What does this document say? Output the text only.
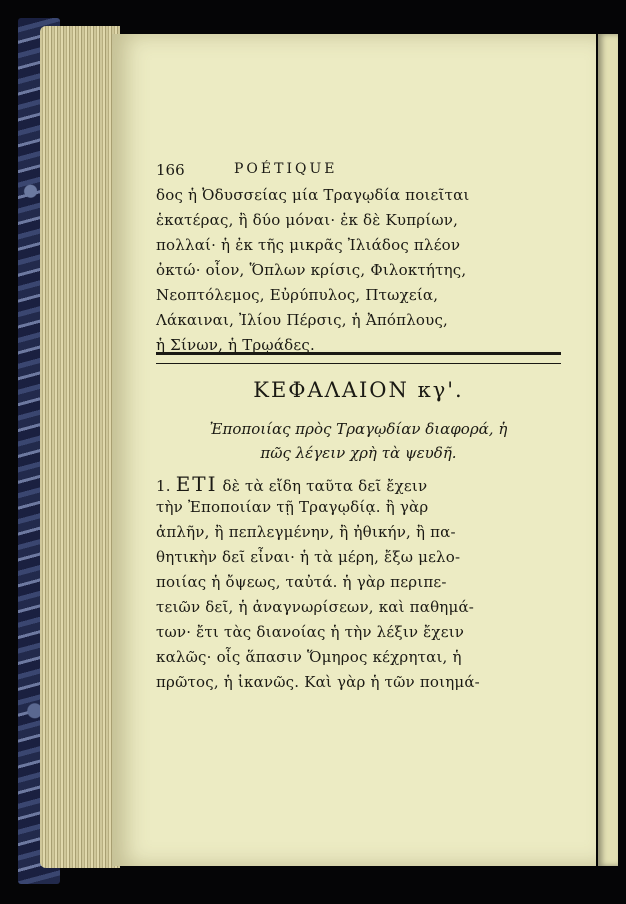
166	POÉTIQUE
δος ἡ Ὀδυσσείας μία Τραγῳδία ποιεῖται
ἑκατέρας, ἢ δύο μόναι· ἐκ δὲ Κυπρίων,
πολλαί· ἡ ἐκ τῆς μικρᾶς Ἰλιάδος πλέον
ὀκτώ· οἷον, Ὅπλων κρίσις, Φιλοκτήτης,
Νεοπτόλεμος, Εὐρύπυλος, Πτωχεία,
Λάκαιναι, Ἰλίου Πέρσις, ἡ Ἀπόπλους,
ἡ Σίνων, ἡ Τρῳάδες.
ΚΕΦΑΛΑΙΟΝ κγ'.
Ἐποποιίας πρὸς Τραγῳδίαν διαφορά, ἡ
πῶς λέγειν χρὴ τὰ ψευδῆ.
1. ETI δὲ τὰ εἴδη ταῦτα δεῖ ἔχειν
τὴν Ἐποποιίαν τῇ Τραγῳδίᾳ. ἢ γὰρ
ἁπλῆν, ἢ πεπλεγμένην, ἢ ἠθικήν, ἢ πα-
θητικὴν δεῖ εἶναι· ἡ τὰ μέρη, ἔξω μελο-
ποιίας ἡ ὄψεως, ταὐτά. ἡ γὰρ περιπε-
τειῶν δεῖ, ἡ ἀναγνωρίσεων, καὶ παθημά-
των· ἔτι τὰς διανοίας ἡ τὴν λέξιν ἔχειν
καλῶς· οἷς ἅπασιν Ὅμηρος κέχρηται, ἡ
πρῶτος, ἡ ἱκανῶς. Καὶ γὰρ ἡ τῶν ποιημά-
